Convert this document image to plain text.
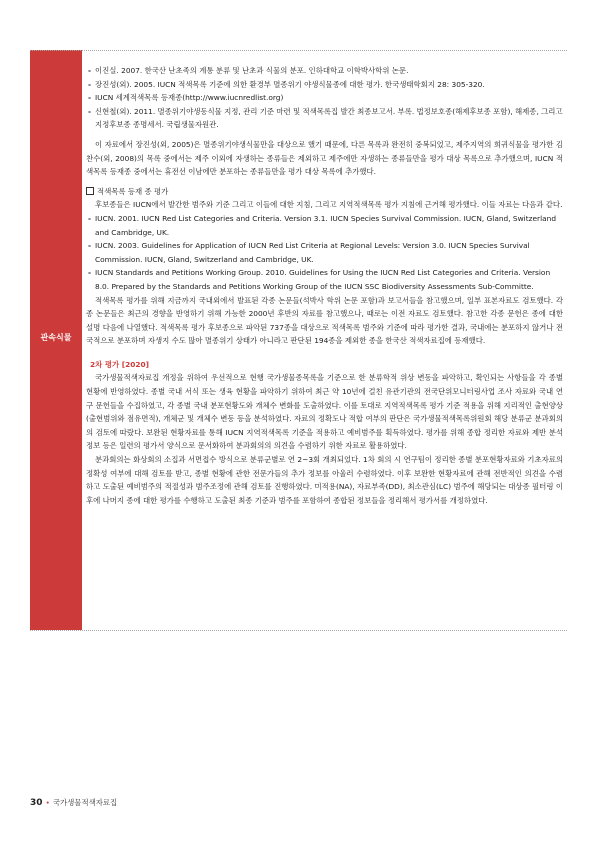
관속식물

- 이진실. 2007. 한국산 난초족의 계통 분류 및 난초과 식물의 분포. 인하대학교 이학박사학위 논문.

- 장진성(외). 2005. IUCN 적색목록 기준에 의한 환경부 멸종위기 야생식물종에 대한 평가. 한국생태학회지 28: 305-320.

- IUCN 세계적색목록 등재종(http://www.iucnredlist.org)

- 신현철(외). 2011. 멸종위기야생동식물 지정, 관리 기준 마련 및 적색목록집 발간 최종보고서. 부록. 법정보호종(해제후보종 포함), 해제종, 그리고 지정후보종 종명세서. 국립생물자원관.

이 자료에서 장진성(외, 2005)은 멸종위기야생식물만을 대상으로 했기 때문에, 다른 목록과 완전히 중복되었고, 제주지역의 희귀식물을 평가한 김찬수(외, 2008)의 목록 중에서는 제주 이외에 자생하는 종류들은 제외하고 제주에만 자생하는 종류들만을 평가 대상 목록으로 추가했으며, IUCN 적색목록 등재종 중에서는 휴전선 이남에만 분포하는 종류들만을 평가 대상 목록에 추가했다.

적색목록 등재 종 평가

후보종들은 IUCN에서 발간한 범주와 기준 그리고 이들에 대한 지침, 그리고 지역적색목록 평가 지침에 근거해 평가했다. 이들 자료는 다음과 같다.

- IUCN. 2001. IUCN Red List Categories and Criteria. Version 3.1. IUCN Species Survival Commission. IUCN, Gland, Switzerland and Cambridge, UK.

- IUCN. 2003. Guidelines for Application of IUCN Red List Criteria at Regional Levels: Version 3.0. IUCN Species Survival Commission. IUCN, Gland, Switzerland and Cambridge, UK.

- IUCN Standards and Petitions Working Group. 2010. Guidelines for Using the IUCN Red List Categories and Criteria. Version 8.0. Prepared by the Standards and Petitions Working Group of the IUCN SSC Biodiversity Assessments Sub-Committe.

적색목록 평가를 위해 지금까지 국내외에서 발표된 각종 논문들(석박사 학위 논문 포함)과 보고서들을 참고했으며, 일부 표본자료도 검토했다. 각종 논문들은 최근의 경향을 반영하기 위해 가능한 2000년 후반의 자료를 참고했으나, 때로는 이전 자료도 검토했다. 참고한 각종 문헌은 종에 대한 설명 다음에 나열했다. 적색목록 평가 후보종으로 파악된 737종을 대상으로 적색목록 범주와 기준에 따라 평가한 결과, 국내에는 분포하지 않거나 전국적으로 분포하며 자생지 수도 많아 멸종위기 상태가 아니라고 판단된 194종을 제외한 종을 한국산 적색자료집에 등재했다.

2차 평가 [2020]

국가생물적색자료집 개정을 위하여 우선적으로 현행 국가생물종목록을 기준으로 한 분류학적 위상 변동을 파악하고, 확인되는 사항들을 각 종별 현황에 반영하였다. 종별 국내 서식 또는 생육 현황을 파악하기 위하여 최근 약 10년에 걸친 유관기관의 전국단위모니터링사업 조사 자료와 국내 연구 문헌들을 수집하였고, 각 종별 국내 분포현황도와 개체수 변화를 도출하였다. 이를 토대로 지역적색목록 평가 기준 적용을 위해 지리적인 출현양상(출현범위와 점유면적), 개체군 및 개체수 변동 등을 분석하였다. 자료의 정확도나 적합 여부의 판단은 국가생물적색목록위원회 해당 분류군 분과회의의 검토에 따랐다. 보완된 현황자료를 통해 IUCN 지역적색목록 기준을 적용하고 예비범주를 획득하였다. 평가를 위해 종합 정리한 자료와 제반 분석정보 등은 일련의 평가서 양식으로 문서화하여 분과회의의 의견을 수렴하기 위한 자료로 활용하였다.

분과회의는 화상회의 소집과 서면접수 방식으로 분류군별로 연 2~3회 개최되었다. 1차 회의 시 연구팀이 정리한 종별 분포현황자료와 기초자료의 정확성 여부에 대해 검토를 받고, 종별 현황에 관한 전문가들의 추가 정보를 아울러 수렴하였다. 이후 보완한 현황자료에 관해 전반적인 의견을 수렴하고 도출된 예비범주의 적절성과 범주조정에 관해 검토를 진행하였다. 미적용(NA), 자료부족(DD), 최소관심(LC) 범주에 해당되는 대상종 필터링 이후에 나머지 종에 대한 평가를 수행하고 도출된 최종 기준과 범주를 포함하여 종합된 정보들을 정리해서 평가서를 개정하였다.

30 • 국가생물적색자료집
